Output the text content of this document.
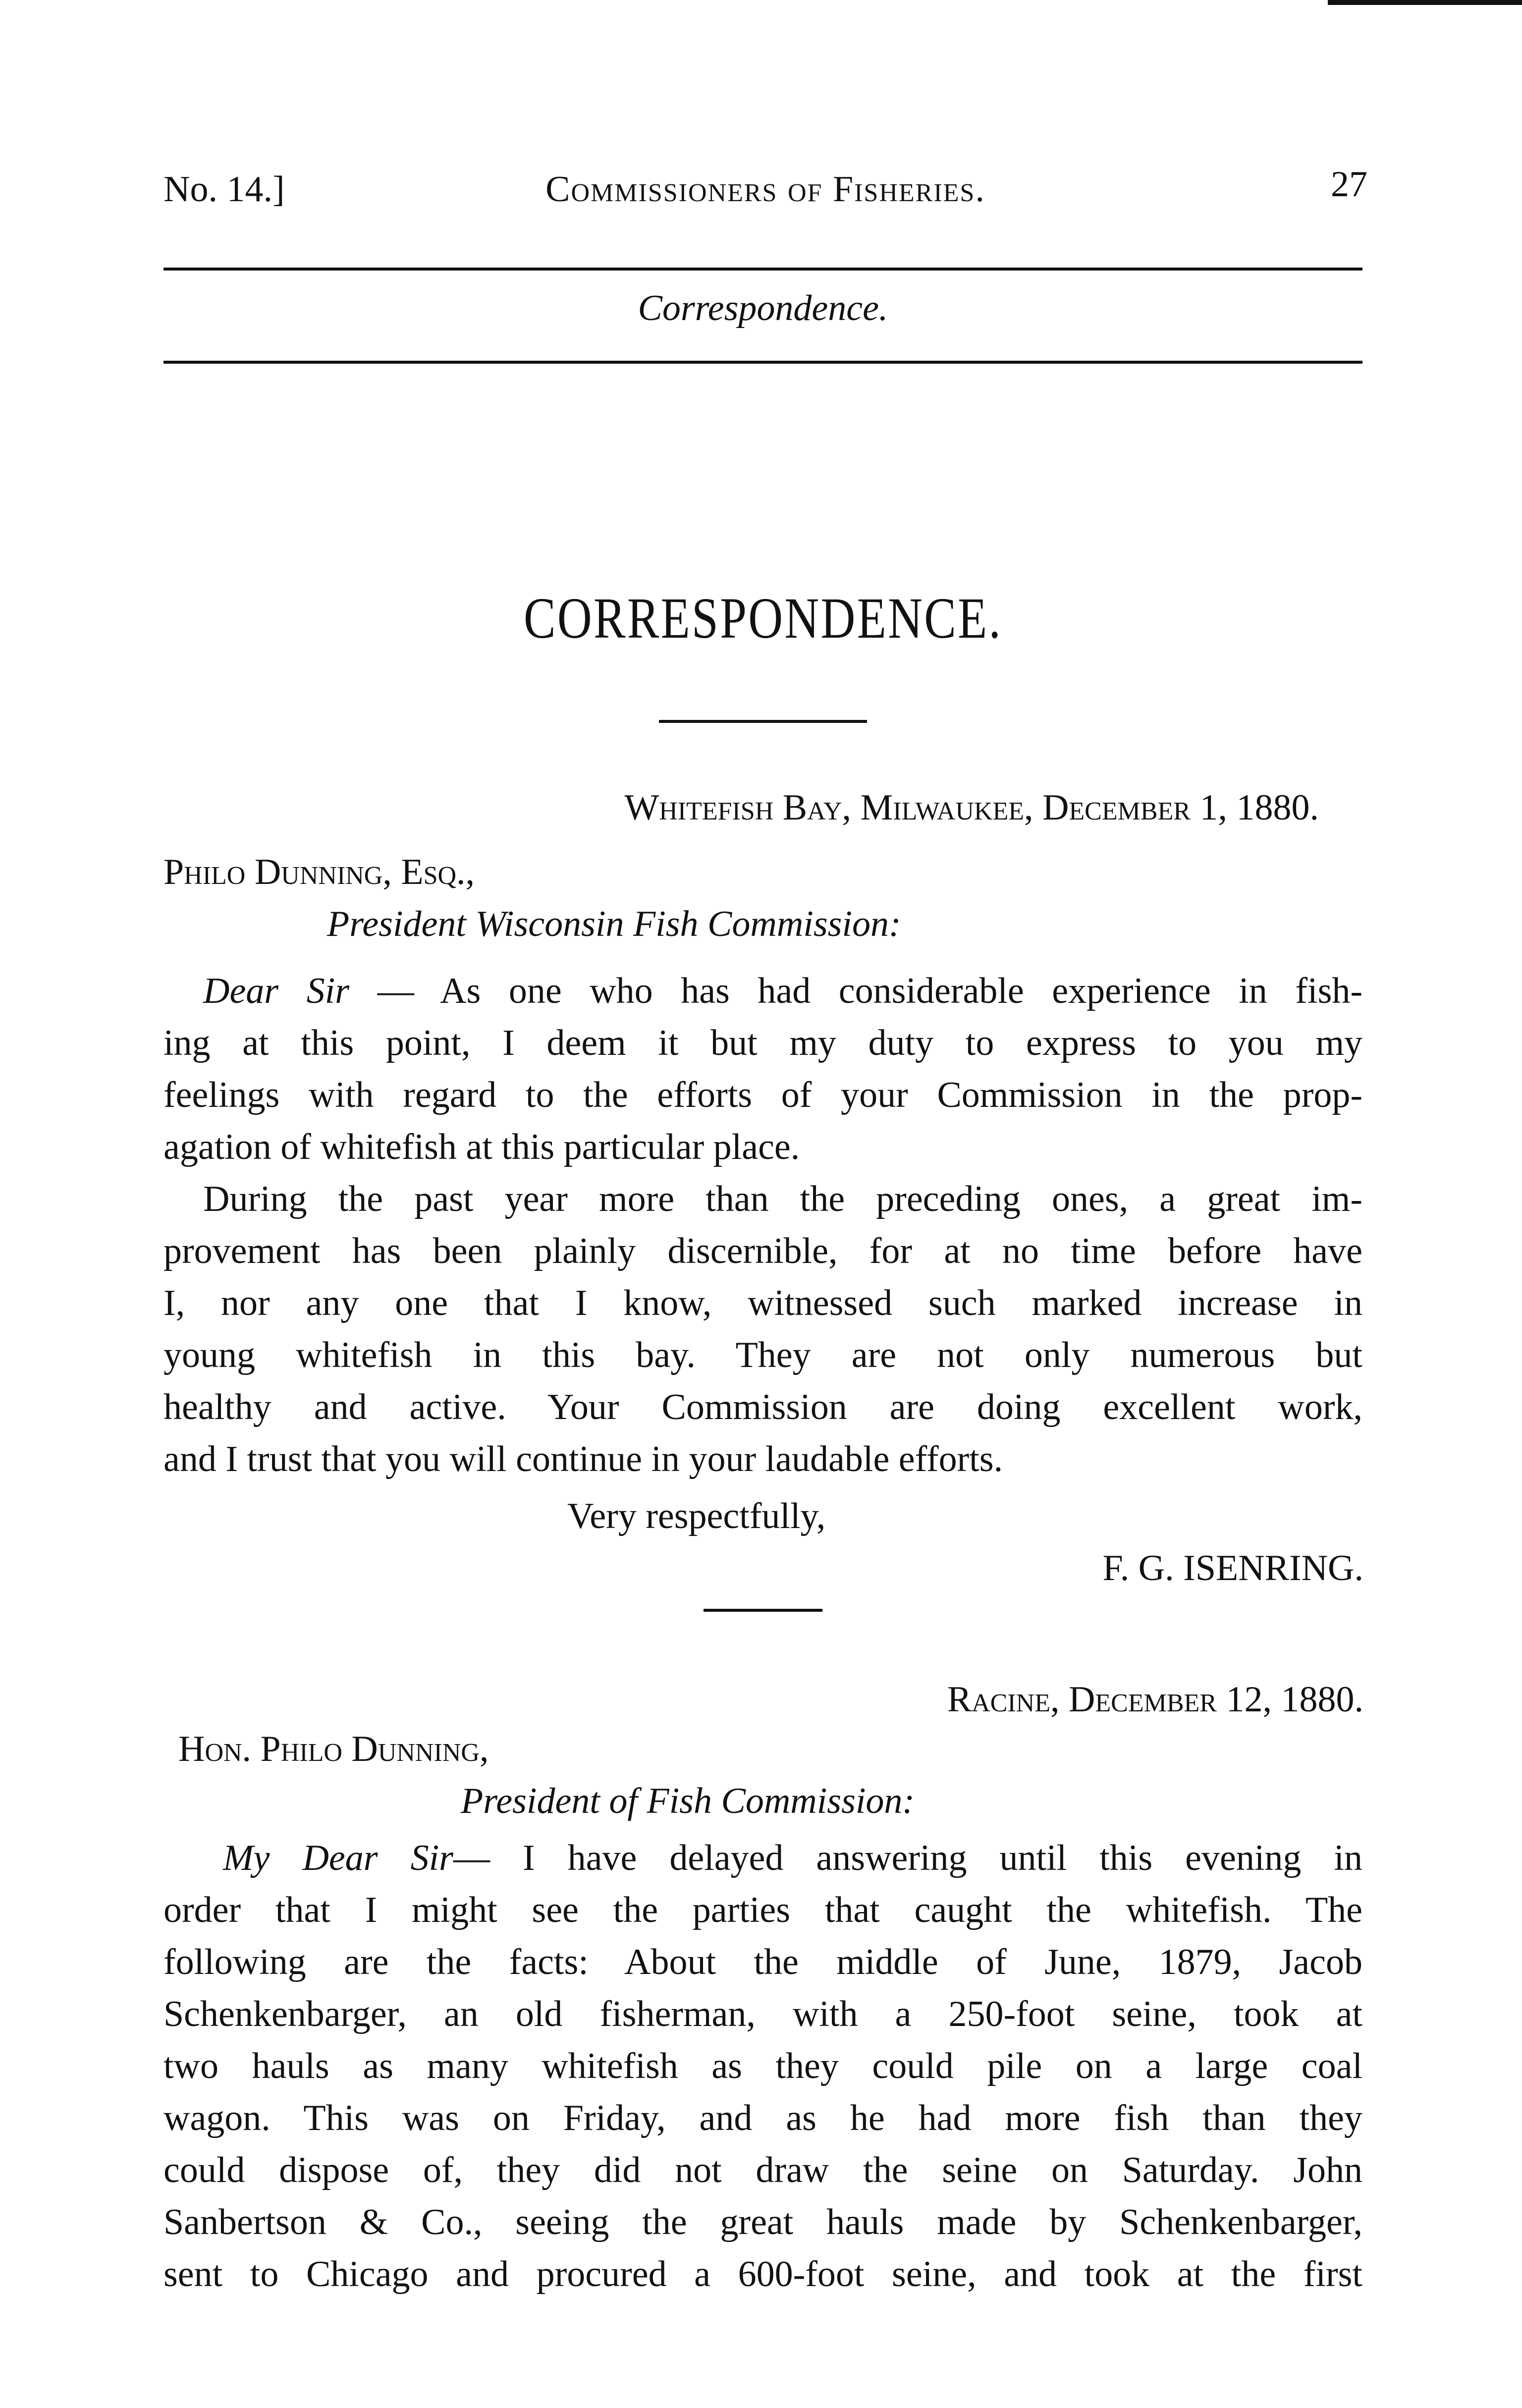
No. 14.]	Commissioners of Fisheries.	27
Correspondence.
CORRESPONDENCE.
Whitefish Bay, Milwaukee, December 1, 1880.
Philo Dunning, Esq.,
President Wisconsin Fish Commission:
Dear Sir — As one who has had considerable experience in fish-
ing at this point, I deem it but my duty to express to you my
feelings with regard to the efforts of your Commission in the prop-
agation of whitefish at this particular place.
During the past year more than the preceding ones, a great im-
provement has been plainly discernible, for at no time before have
I, nor any one that I know, witnessed such marked increase in
young whitefish in this bay. They are not only numerous but
healthy and active. Your Commission are doing excellent work,
and I trust that you will continue in your laudable efforts.
Very respectfully,
F. G. ISENRING.
Racine, December 12, 1880.
Hon. Philo Dunning,
President of Fish Commission:
My Dear Sir— I have delayed answering until this evening in
order that I might see the parties that caught the whitefish. The
following are the facts: About the middle of June, 1879, Jacob
Schenkenbarger, an old fisherman, with a 250-foot seine, took at
two hauls as many whitefish as they could pile on a large coal
wagon. This was on Friday, and as he had more fish than they
could dispose of, they did not draw the seine on Saturday. John
Sanbertson & Co., seeing the great hauls made by Schenkenbarger,
sent to Chicago and procured a 600-foot seine, and took at the first
